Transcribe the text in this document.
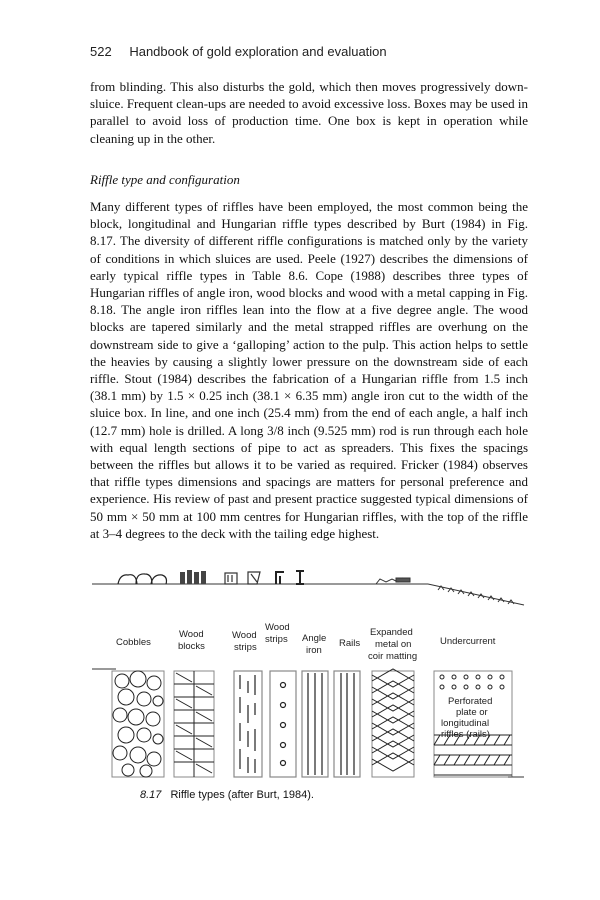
522 Handbook of gold exploration and evaluation

from blinding. This also disturbs the gold, which then moves progressively down-sluice. Frequent clean-ups are needed to avoid excessive loss. Boxes may be used in parallel to avoid loss of production time. One box is kept in operation while cleaning up in the other.

Riffle type and configuration

Many different types of riffles have been employed, the most common being the block, longitudinal and Hungarian riffle types described by Burt (1984) in Fig. 8.17. The diversity of different riffle configurations is matched only by the variety of conditions in which sluices are used. Peele (1927) describes the dimensions of early typical riffle types in Table 8.6. Cope (1988) describes three types of Hungarian riffles of angle iron, wood blocks and wood with a metal capping in Fig. 8.18. The angle iron riffles lean into the flow at a five degree angle. The wood blocks are tapered similarly and the metal strapped riffles are overhung on the downstream side to give a ‘galloping’ action to the pulp. This action helps to settle the heavies by causing a slightly lower pressure on the downstream side of each riffle. Stout (1984) describes the fabrication of a Hungarian riffle from 1.5 inch (38.1 mm) by 1.5 × 0.25 inch (38.1 × 6.35 mm) angle iron cut to the width of the sluice box. In line, and one inch (25.4 mm) from the end of each angle, a half inch (12.7 mm) hole is drilled. A long 3/8 inch (9.525 mm) rod is run through each hole with equal length sections of pipe to act as spreaders. This fixes the spacings between the riffles but allows it to be varied as required. Fricker (1984) observes that riffle types dimensions and spacings are matters for personal preference and experience. His review of past and present practice suggested typical dimensions of 50 mm × 50 mm at 100 mm centres for Hungarian riffles, with the top of the riffle at 3–4 degrees to the deck with the tailing edge highest.

Cobbles
Wood
blocks
Wood
strips
Wood
strips Angle
iron
Rails
Expanded
metal on
coir matting
Undercurrent
Perforated
plate or
longitudinal
riffles (rails)
8.17 Riffle types (after Burt, 1984).
